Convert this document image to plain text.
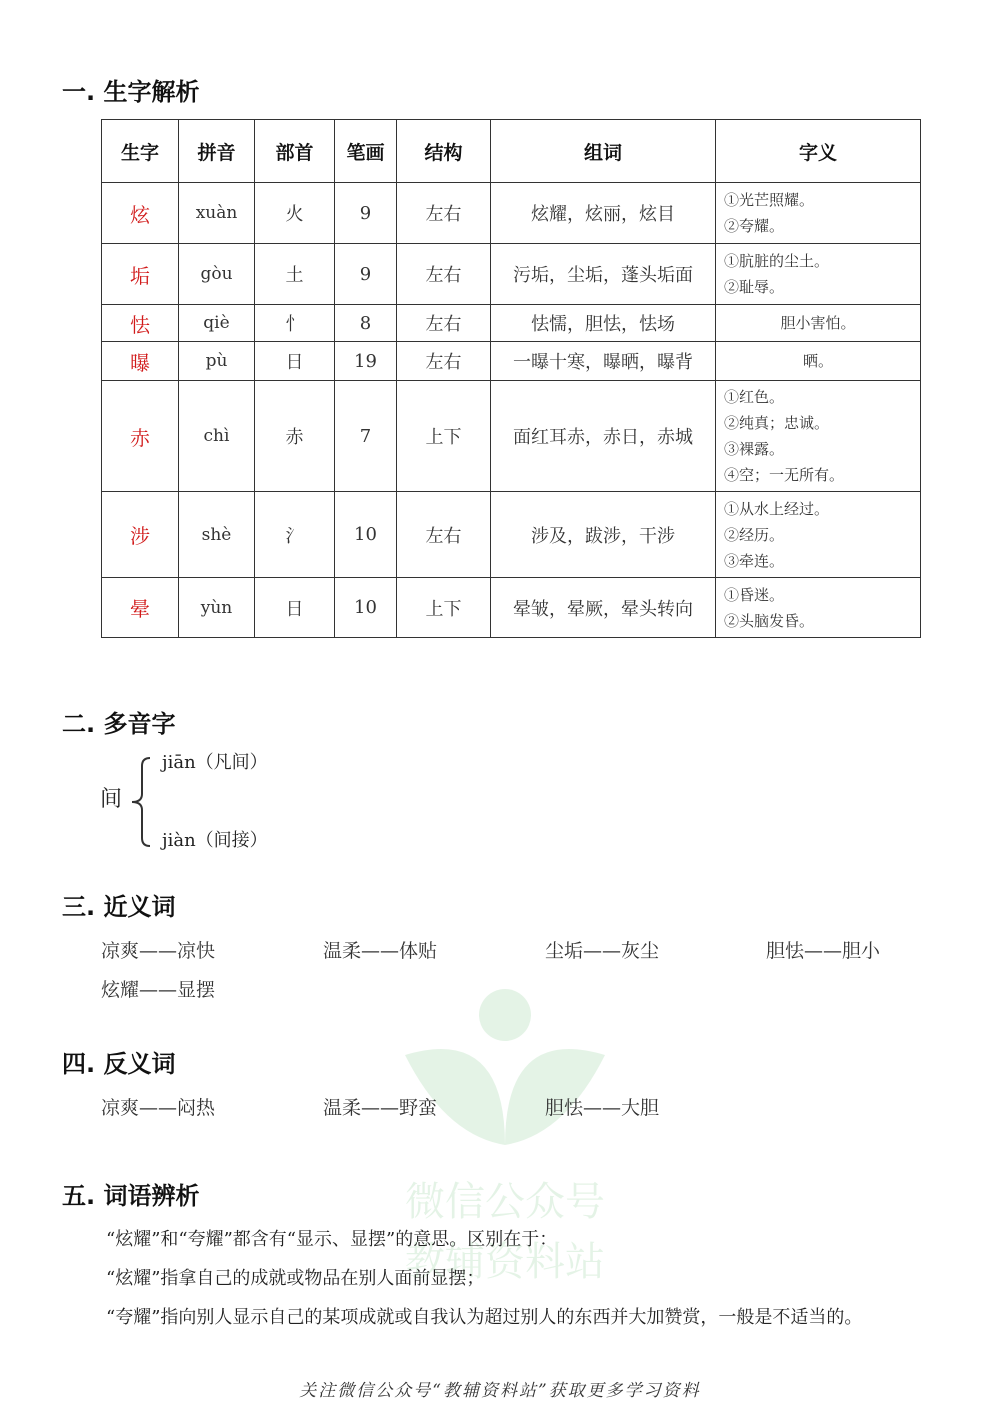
微信公众号
教辅资料站
一. 生字解析
生字	拼音	部首	笔画	结构	组词	字义
炫	xuàn	火	9	左右	炫耀，炫丽，炫目	①光芒照耀。
②夸耀。

垢	gòu	土	9	左右	污垢，尘垢，蓬头垢面	①肮脏的尘土。
②耻辱。

怯	qiè	忄	8	左右	怯懦，胆怯，怯场	胆小害怕。

曝	pù	日	19	左右	一曝十寒，曝晒，曝背	晒。

赤	chì	赤	7	上下	面红耳赤，赤日，赤城	①红色。
②纯真；忠诚。
③裸露。
④空；一无所有。

涉	shè	氵	10	左右	涉及，跋涉，干涉	①从水上经过。
②经历。
③牵连。

晕	yùn	日	10	上下	晕皱，晕厥，晕头转向	①昏迷。
②头脑发昏。
二. 多音字
间
jiān（凡间）
jiàn（间接）
三. 近义词
凉爽——凉快	温柔——体贴	尘垢——灰尘	胆怯——胆小
炫耀——显摆
四. 反义词
凉爽——闷热	温柔——野蛮	胆怯——大胆
五. 词语辨析
“炫耀”和“夸耀”都含有“显示、显摆”的意思。区别在于：
“炫耀”指拿自己的成就或物品在别人面前显摆；
“夸耀”指向别人显示自己的某项成就或自我认为超过别人的东西并大加赞赏，一般是不适当的。
关注微信公众号“教辅资料站”获取更多学习资料
